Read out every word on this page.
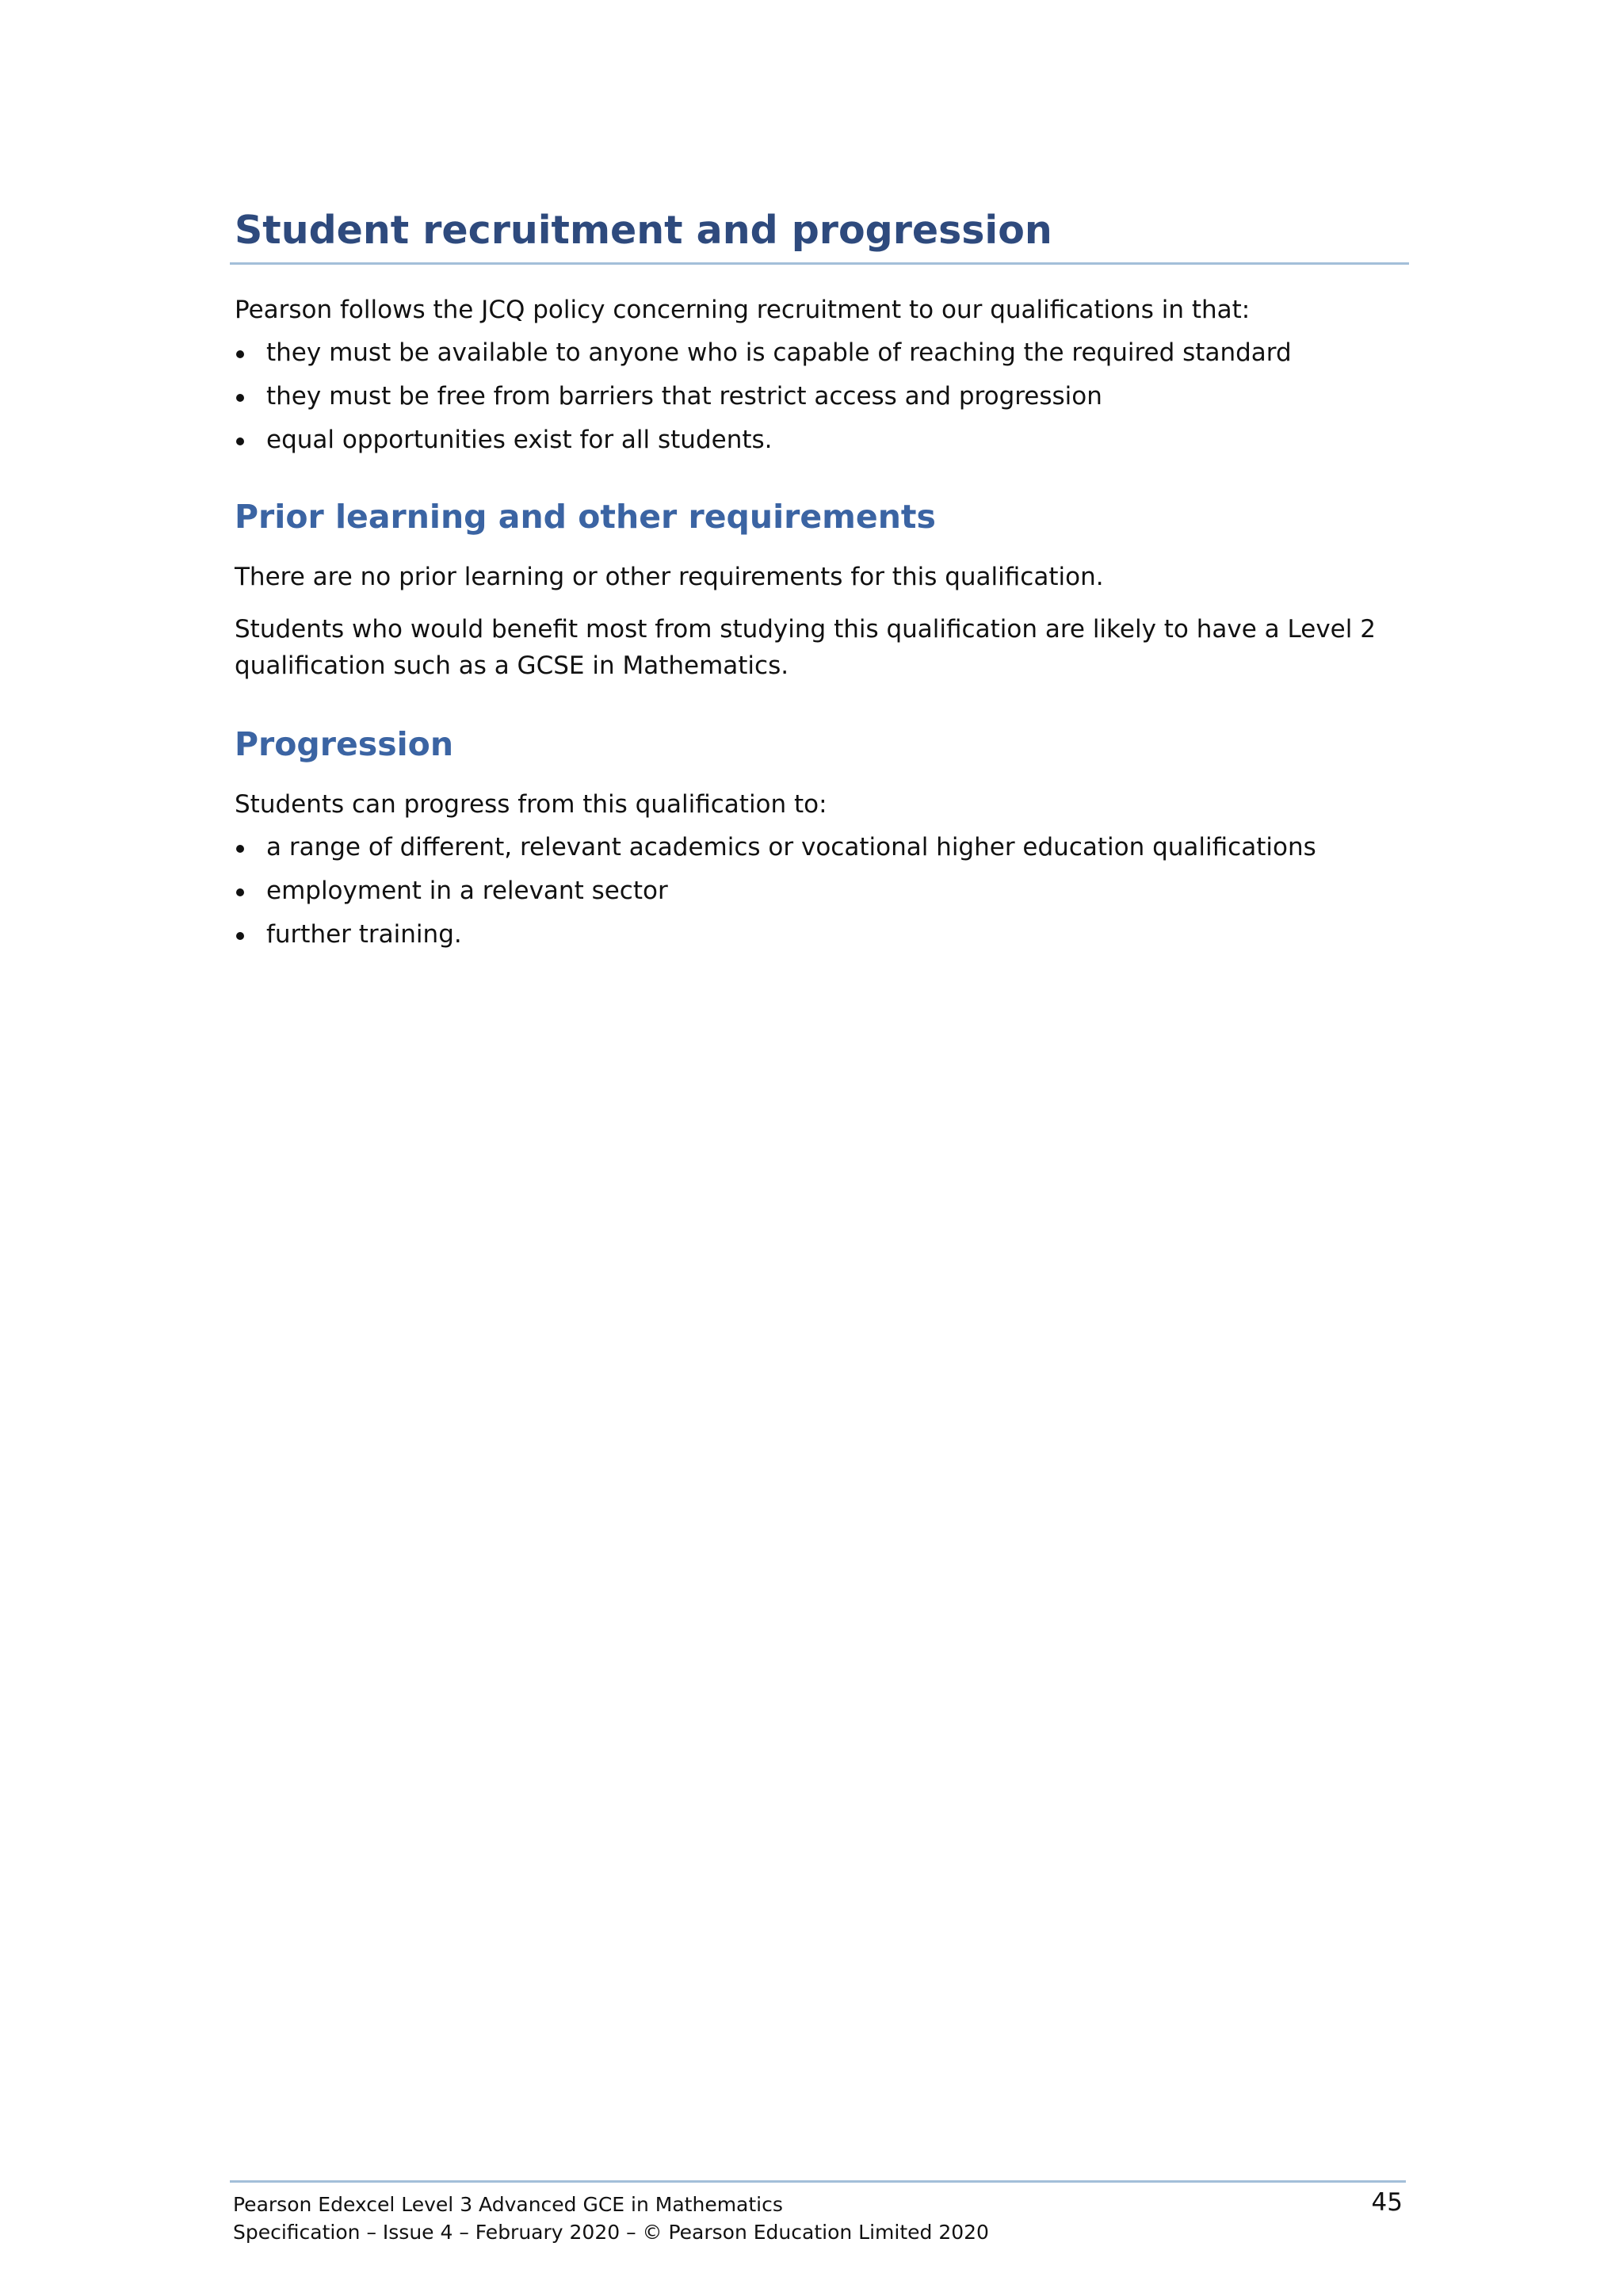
Student recruitment and progression

Pearson follows the JCQ policy concerning recruitment to our qualifications in that:

they must be available to anyone who is capable of reaching the required standard
they must be free from barriers that restrict access and progression
equal opportunities exist for all students.
Prior learning and other requirements

There are no prior learning or other requirements for this qualification.

Students who would benefit most from studying this qualification are likely to have a Level 2
qualification such as a GCSE in Mathematics.

Progression

Students can progress from this qualification to:

a range of different, relevant academics or vocational higher education qualifications
employment in a relevant sector
further training.
Pearson Edexcel Level 3 Advanced GCE in Mathematics
Specification – Issue 4 – February 2020 – © Pearson Education Limited 2020
45
